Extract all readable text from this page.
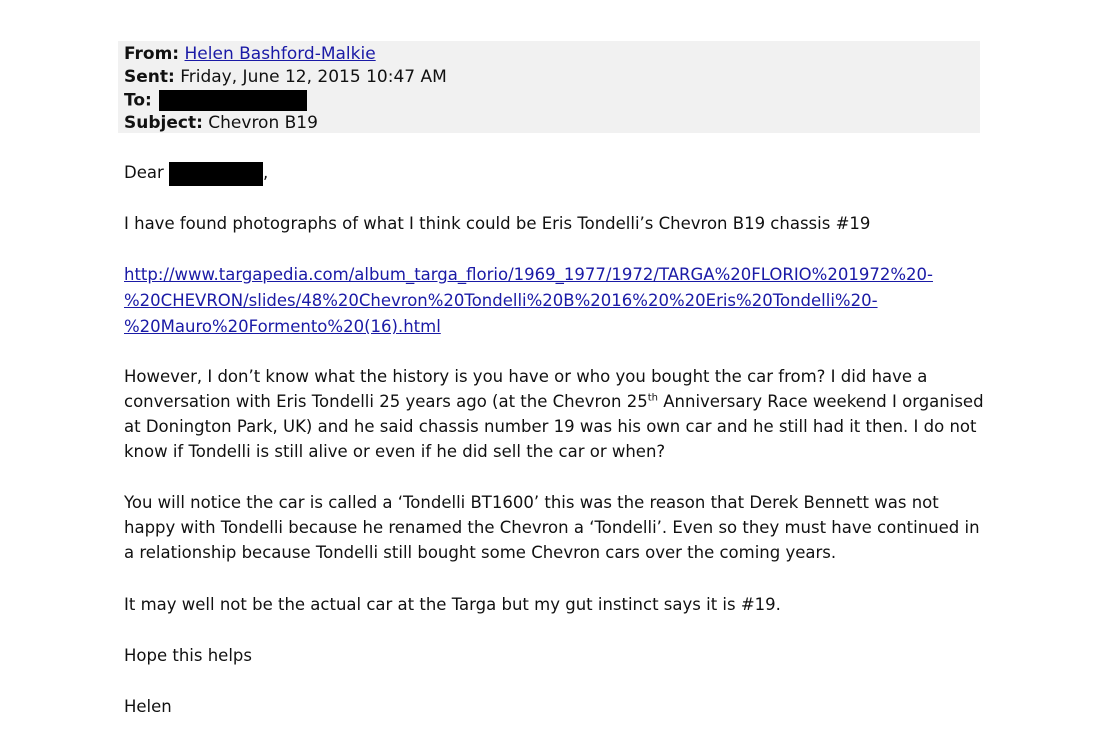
From: Helen Bashford-Malkie
Sent: Friday, June 12, 2015 10:47 AM
To:
Subject: Chevron B19
Dear	,

I have found photographs of what I think could be Eris Tondelli’s Chevron B19 chassis #19

http://www.targapedia.com/album_targa_florio/1969_1977/1972/TARGA%20FLORIO%201972%20-
%20CHEVRON/slides/48%20Chevron%20Tondelli%20B%2016%20%20Eris%20Tondelli%20-
%20Mauro%20Formento%20(16).html

However, I don’t know what the history is you have or who you bought the car from? I did have a conversation with Eris Tondelli 25 years ago (at the Chevron 25th Anniversary Race weekend I organised at Donington Park, UK) and he said chassis number 19 was his own car and he still had it then. I do not know if Tondelli is still alive or even if he did sell the car or when?

You will notice the car is called a ‘Tondelli BT1600’ this was the reason that Derek Bennett was not happy with Tondelli because he renamed the Chevron a ‘Tondelli’. Even so they must have continued in a relationship because Tondelli still bought some Chevron cars over the coming years.

It may well not be the actual car at the Targa but my gut instinct says it is #19.

Hope this helps

Helen
